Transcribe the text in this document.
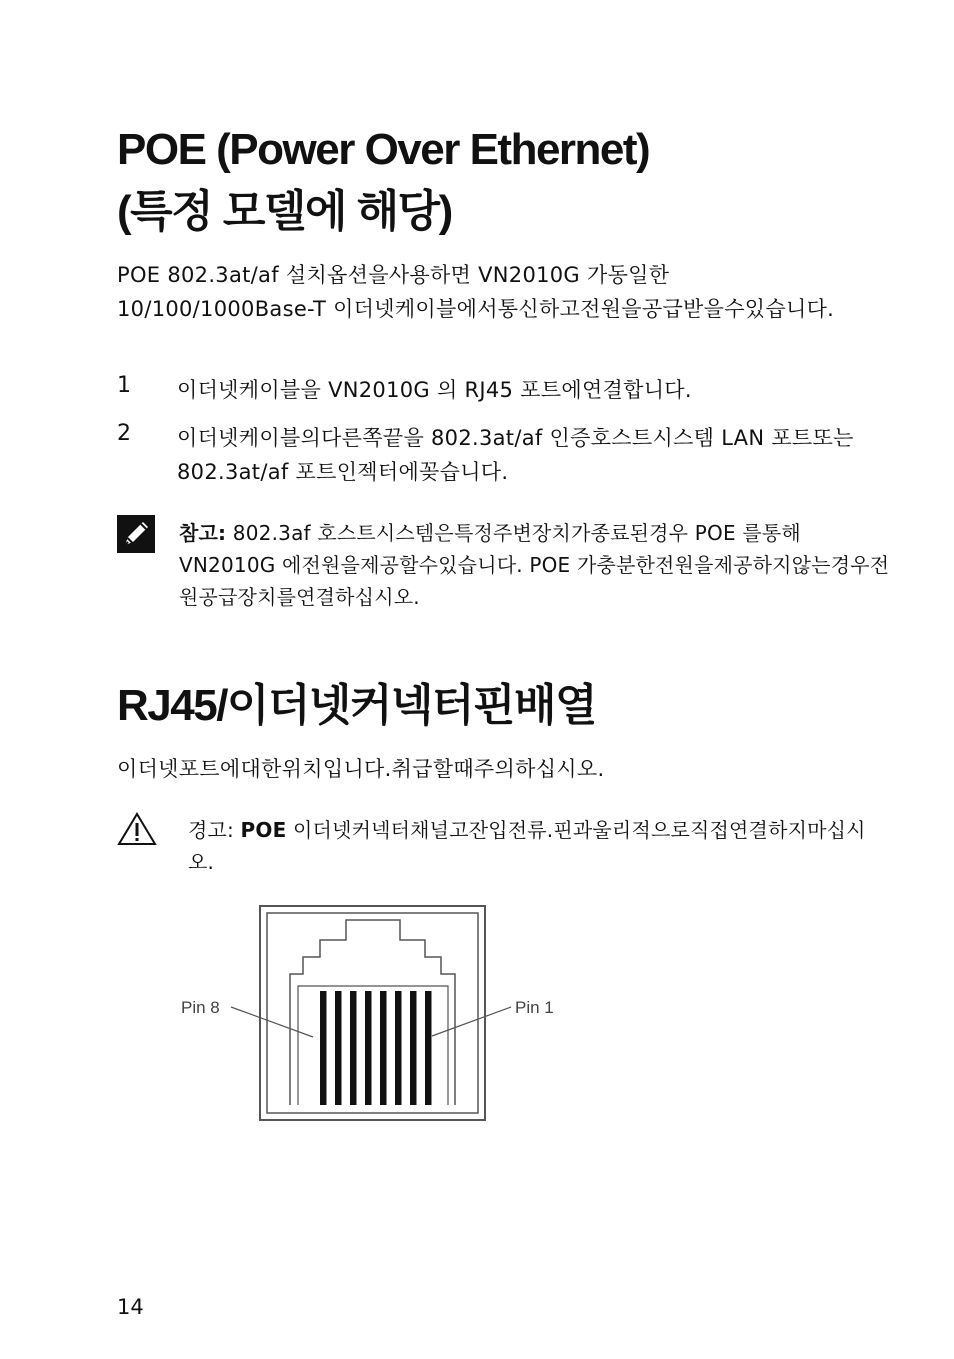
POE (Power Over Ethernet)
(특정 모델에 해당)
POE 802.3at/af 설치옵션을사용하면 VN2010G 가동일한 10/100/1000Base-T 이더넷케이블에서통신하고전원을공급받을수있습니다.
1 이더넷케이블을 VN2010G 의 RJ45 포트에연결합니다.
2 이더넷케이블의다른쪽끝을 802.3at/af 인증호스트시스템 LAN 포트또는 802.3at/af 포트인젝터에꽂습니다.
참고: 802.3af 호스트시스템은특정주변장치가종료된경우 POE 를통해 VN2010G 에전원을제공할수있습니다. POE 가충분한전원을제공하지않는경우전원공급장치를연결하십시오.
RJ45/이더넷커넥터핀배열
이더넷포트에대한위치입니다.취급할때주의하십시오.
경고: POE 이더넷커넥터채널고잔입전류.핀과울리적으로직접연결하지마십시오.
Pin 8	Pin 1
14
